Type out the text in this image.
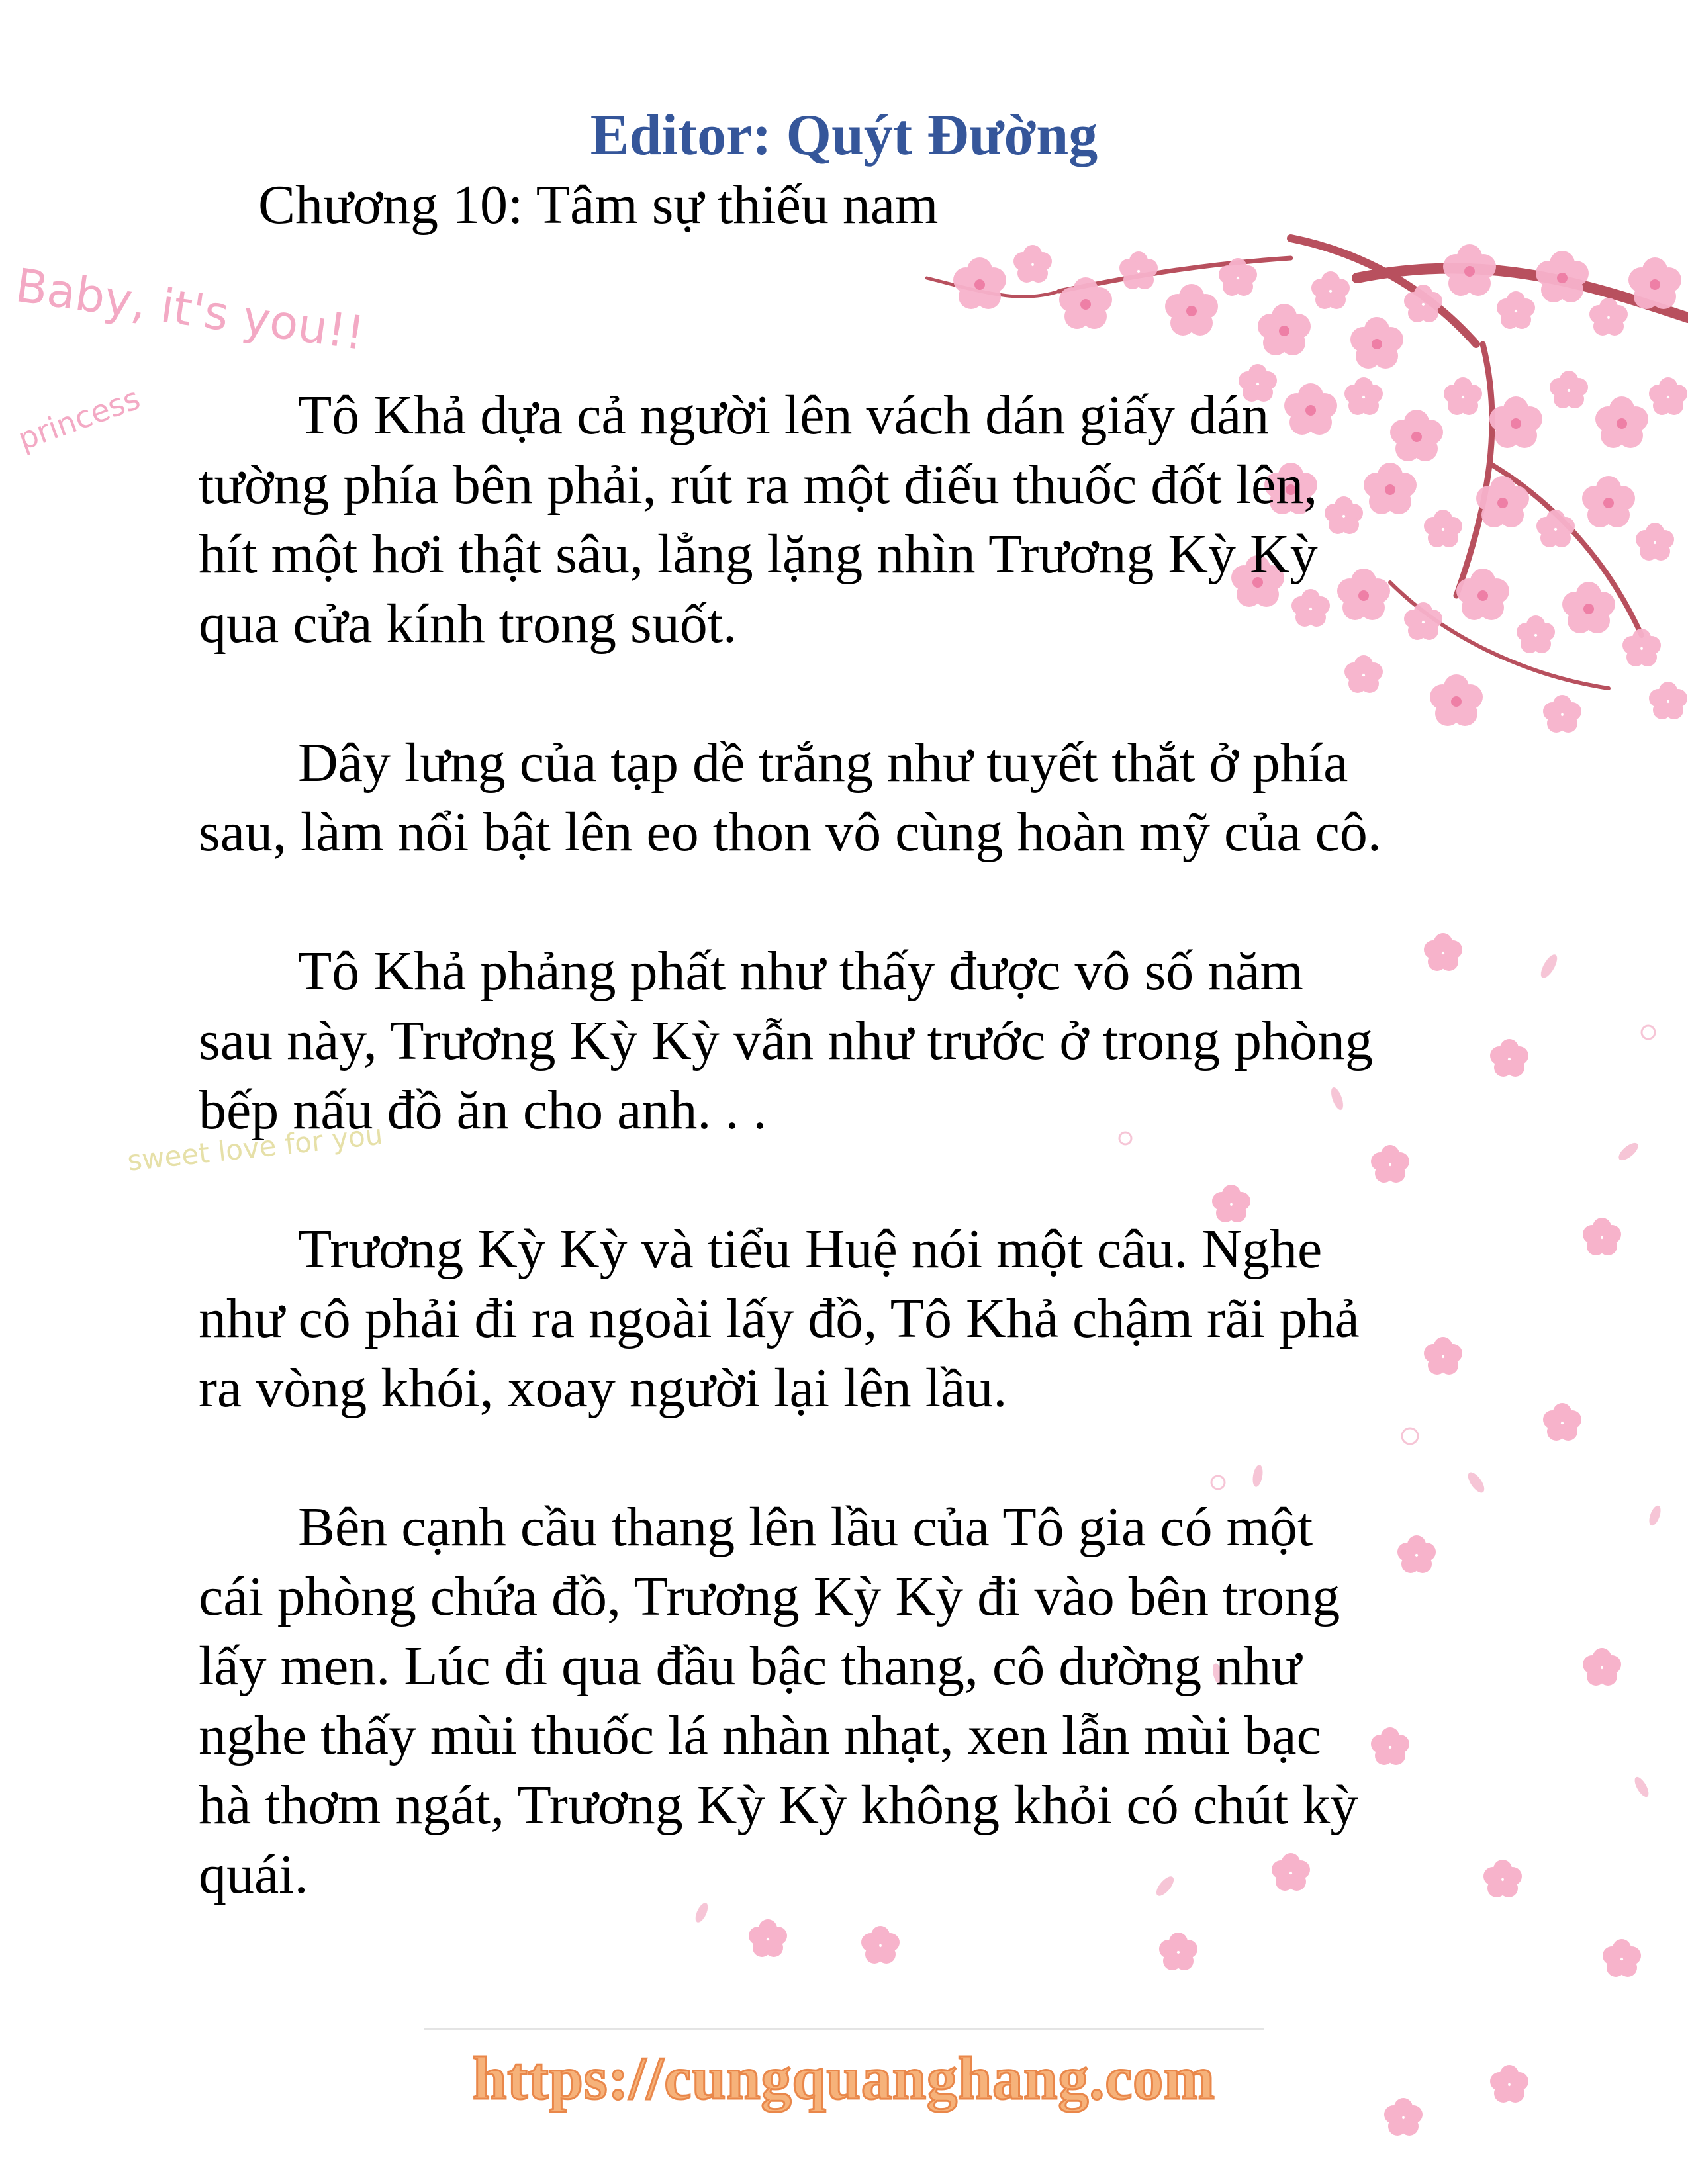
Baby, it's you!!
princess
sweet love for you
Editor: Quýt Đường
Chương 10: Tâm sự thiếu nam
Tô Khả dựa cả người lên vách dán giấy dán
tường phía bên phải, rút ra một điếu thuốc đốt lên,
hít một hơi thật sâu, lẳng lặng nhìn Trương Kỳ Kỳ
qua cửa kính trong suốt.
Dây lưng của tạp dề trắng như tuyết thắt ở phía
sau, làm nổi bật lên eo thon vô cùng hoàn mỹ của cô.
Tô Khả phảng phất như thấy được vô số năm
sau này, Trương Kỳ Kỳ vẫn như trước ở trong phòng
bếp nấu đồ ăn cho anh. . .
Trương Kỳ Kỳ và tiểu Huệ nói một câu. Nghe
như cô phải đi ra ngoài lấy đồ, Tô Khả chậm rãi phả
ra vòng khói, xoay người lại lên lầu.
Bên cạnh cầu thang lên lầu của Tô gia có một
cái phòng chứa đồ, Trương Kỳ Kỳ đi vào bên trong
lấy men. Lúc đi qua đầu bậc thang, cô dường như
nghe thấy mùi thuốc lá nhàn nhạt, xen lẫn mùi bạc
hà thơm ngát, Trương Kỳ Kỳ không khỏi có chút kỳ
quái.
https://cungquanghang.com
